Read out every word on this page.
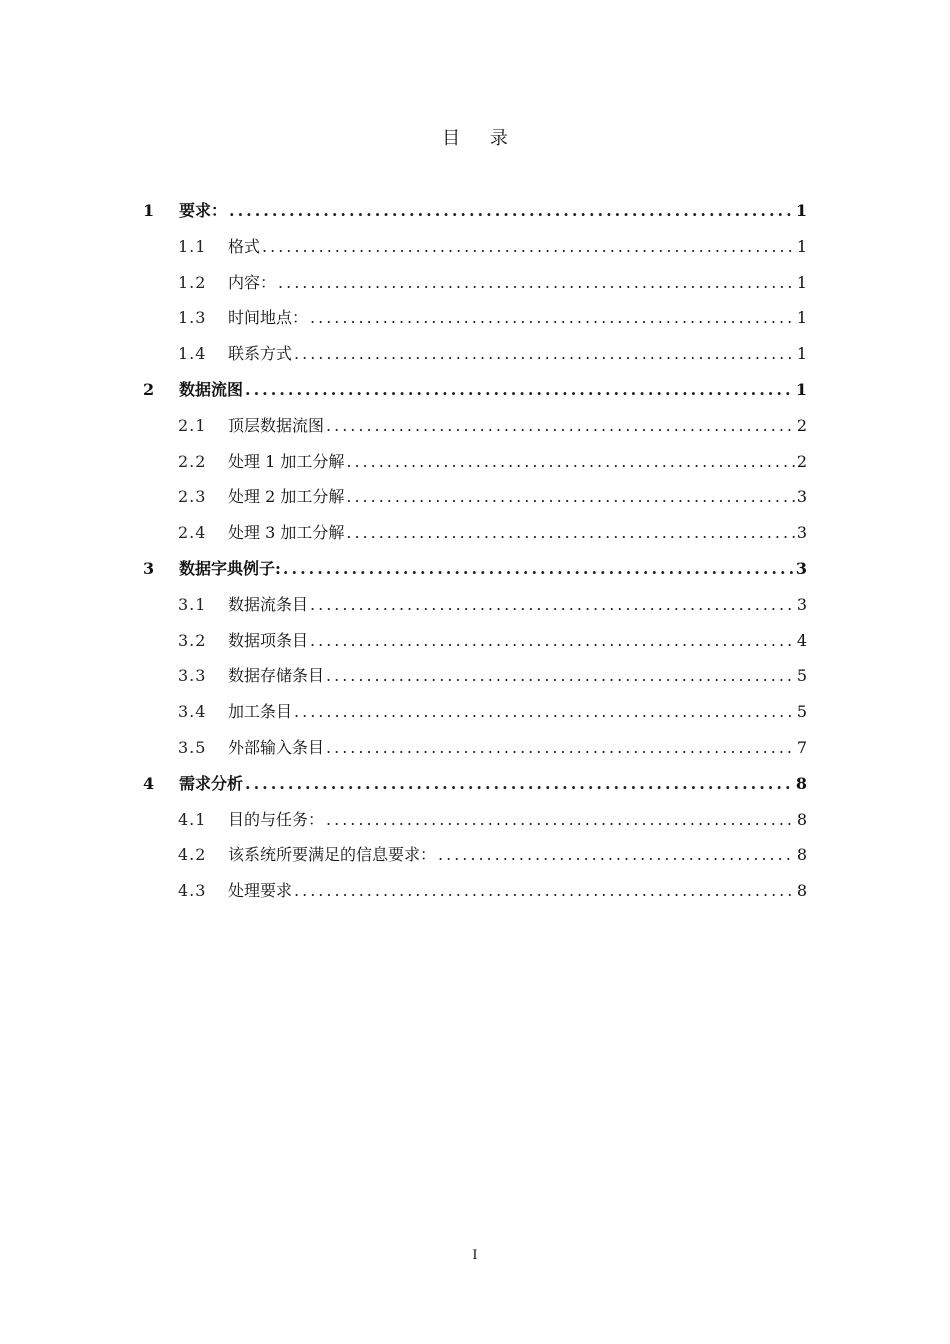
目 录
1	要求： .....	1
1.1	格式 .....	1
1.2	内容： .....	1
1.3	时间地点： .....	1
1.4	联系方式 .....	1
2	数据流图 .....	1
2.1	顶层数据流图 .....	2
2.2	处理 1 加工分解 .....	2
2.3	处理 2 加工分解 .....	3
2.4	处理 3 加工分解 .....	3
3	数据字典例子: .....	3
3.1	数据流条目 .....	3
3.2	数据项条目 .....	4
3.3	数据存储条目 .....	5
3.4	加工条目 .....	5
3.5	外部输入条目 .....	7
4	需求分析 .....	8
4.1	目的与任务： .....	8
4.2	该系统所要满足的信息要求： .....	8
4.3	处理要求 .....	8
I
